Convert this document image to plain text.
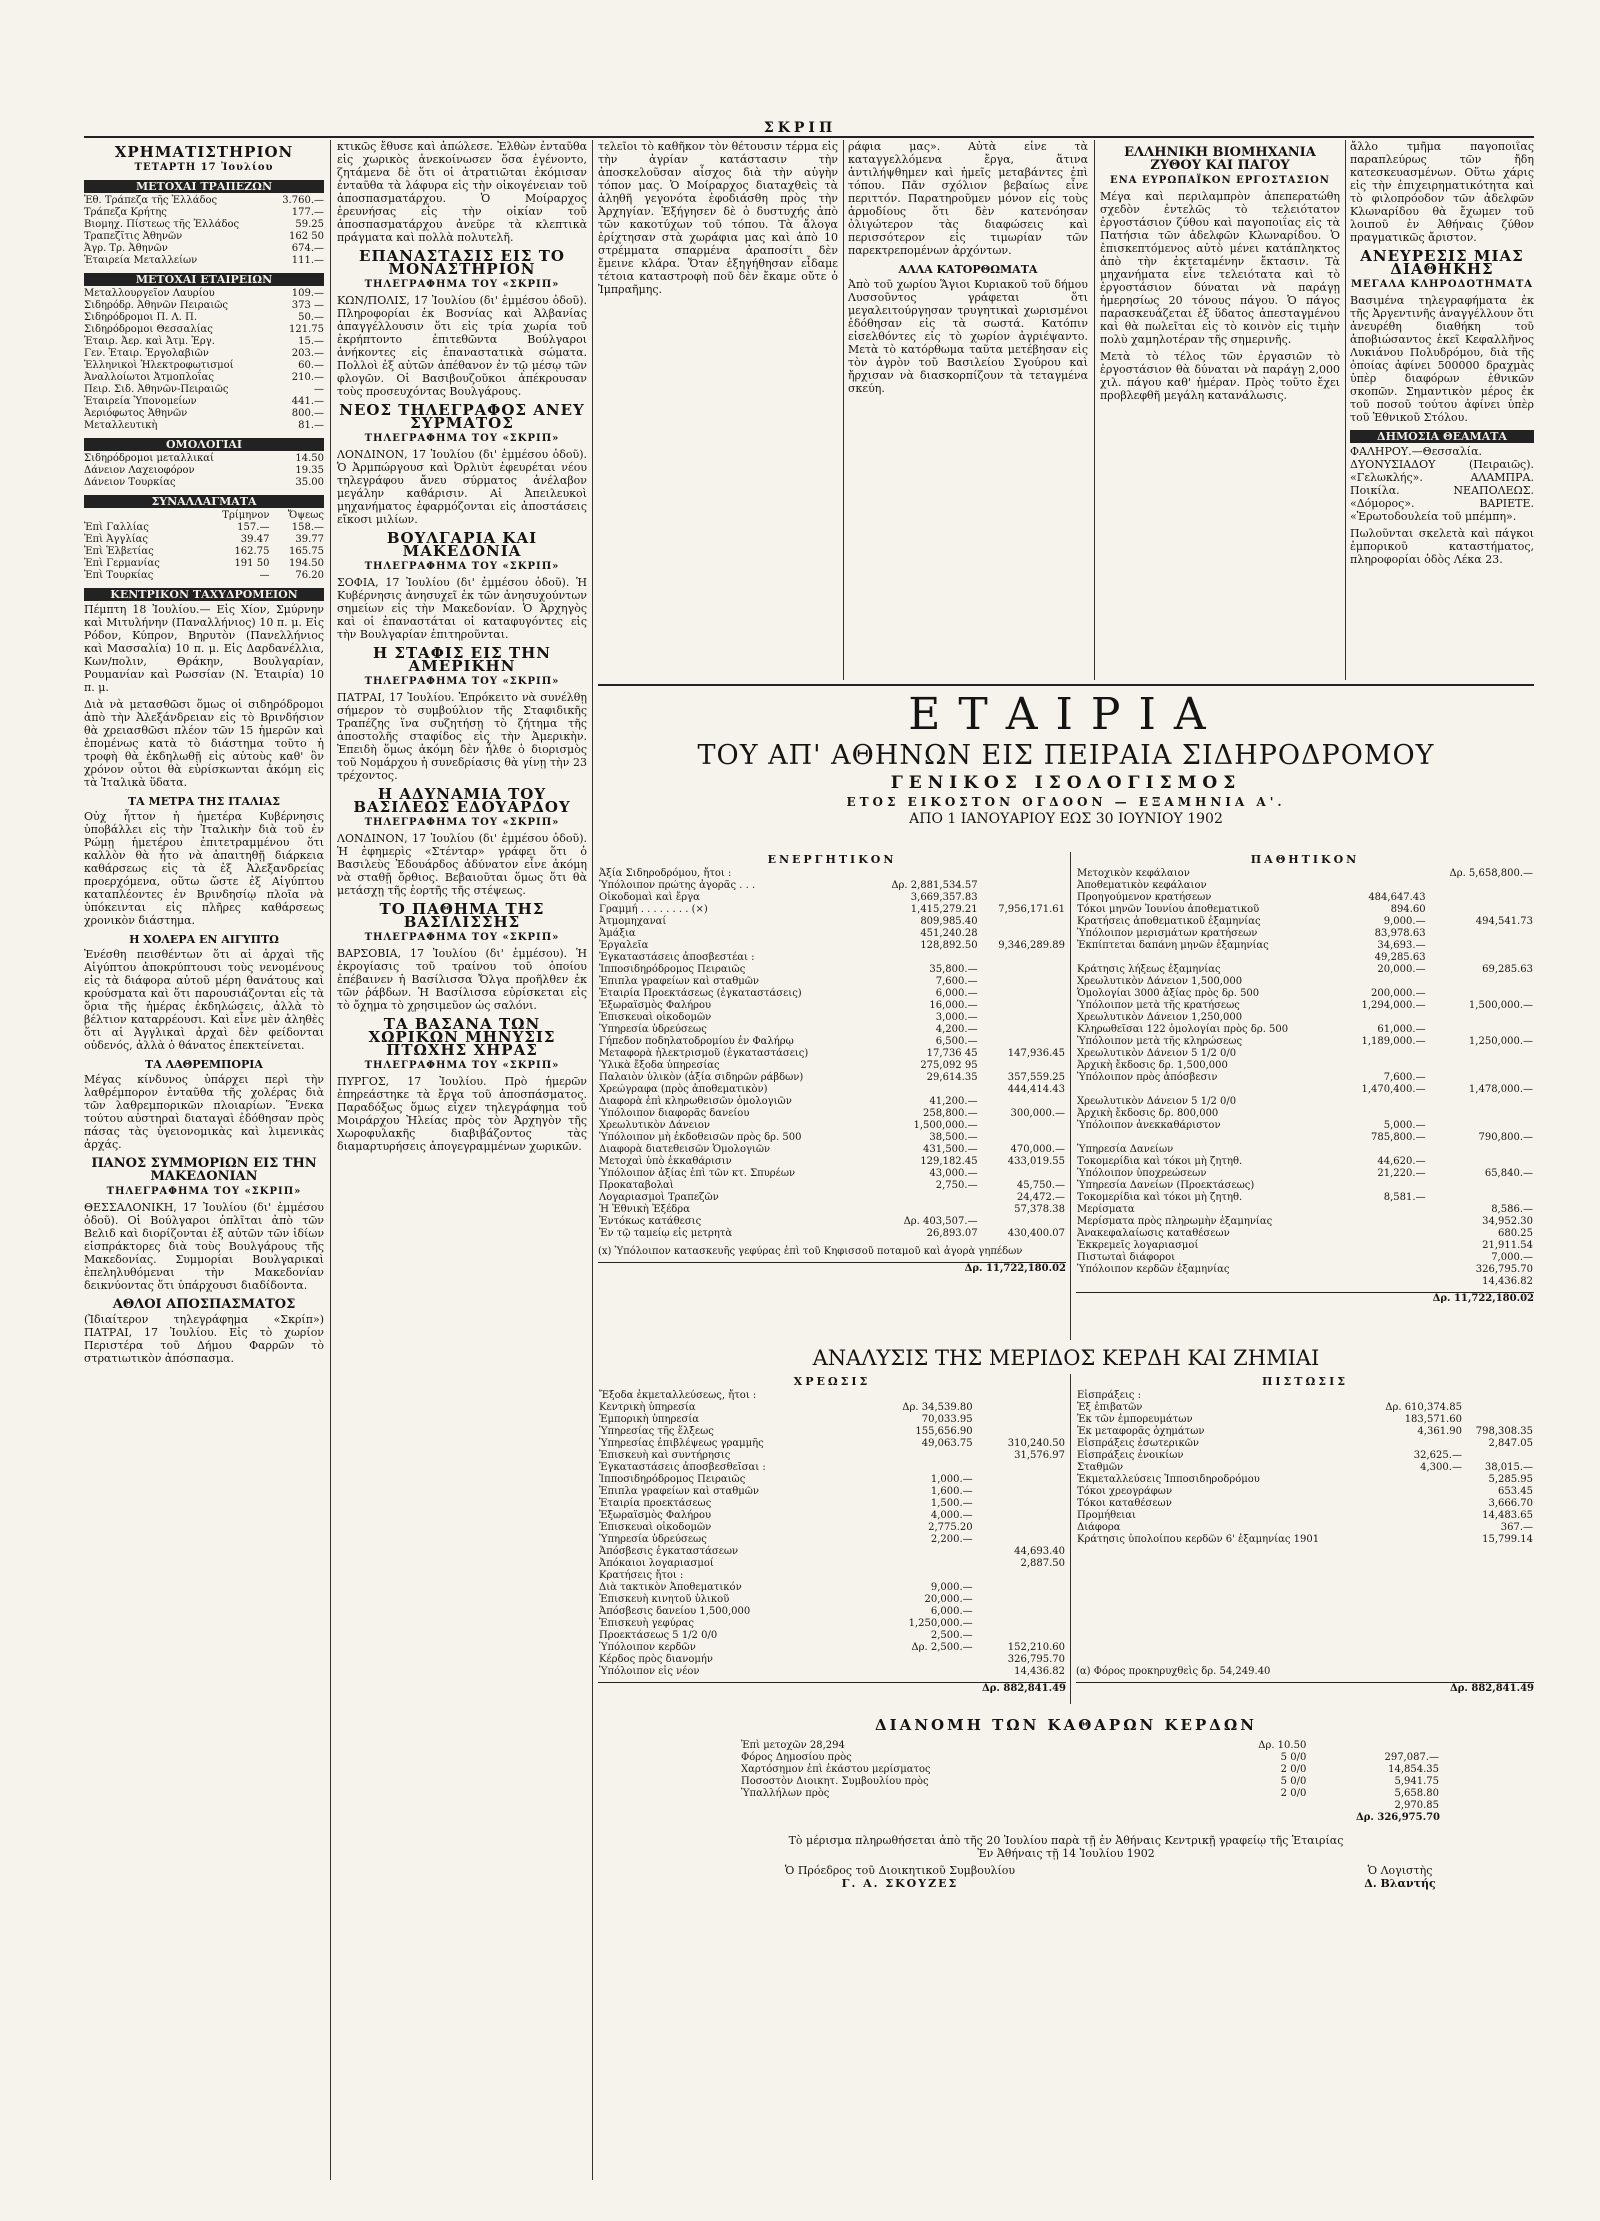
ΣΚΡΙΠ
ΧΡΗΜΑΤΙΣΤΗΡΙΟΝ
ΤΕΤΑΡΤΗ 17 Ἰουλίου
ΜΕΤΟΧΑΙ ΤΡΑΠΕΖΩΝ
Ἐθ. Τράπεζα τῆς Ἑλλάδος	3.760.—
Τράπεζα Κρήτης	177.—
Βιομηχ. Πίστεως τῆς Ἑλλάδος	59.25
Τραπεζῖτις Ἀθηνῶν	162 50
Ἀγρ. Τρ. Ἀθηνῶν	674.—
Ἑταιρεία Μεταλλείων	111.—
ΜΕΤΟΧΑΙ ΕΤΑΙΡΕΙΩΝ
Μεταλλουργεῖον Λαυρίου	109.—
Σιδηρόδρ. Ἀθηνῶν Πειραιῶς	373 —
Σιδηρόδρομοι Π. Λ. Π.	50.—
Σιδηρόδρομοι Θεσσαλίας	121.75
Ἐταιρ. Ἀερ. καὶ Ἀτμ. Ἐργ.	15.—
Γεν. Ἑταιρ. Ἐργολαβιῶν	203.—
Ἑλληνικοὶ Ἠλεκτροφωτισμοί	60.—
Ἀναλλοίωτοι Ἀτμοπλοΐας	210.—
Πειρ. Σιδ. Ἀθηνῶν-Πειραιῶς	—
Ἑταιρεία Ὑπονομείων	441.—
Ἀεριόφωτος Ἀθηνῶν	800.—
Μεταλλευτικὴ	81.—
ΟΜΟΛΟΓΙΑΙ
Σιδηρόδρομοι μεταλλικαί	14.50
Δάνειον Λαχειοφόρον	19.35
Δάνειον Τουρκίας	35.00
ΣΥΝΑΛΛΑΓΜΑΤΑ
	Τρίμηνον	Ὄψεως
Ἐπὶ Γαλλίας	157.—	158.—
Ἐπὶ Ἀγγλίας	39.47	39.77
Ἐπὶ Ἑλβετίας	162.75	165.75
Ἐπὶ Γερμανίας	191 50	194.50
Ἐπὶ Τουρκίας	—	76.20
ΚΕΝΤΡΙΚΟΝ ΤΑΧΥΔΡΟΜΕΙΟΝ

Πέμπτη 18 Ἰουλίου.— Εἰς Χίον, Σμύρνην καὶ Μιτυλήνην (Παναλλήνιος) 10 π. μ. Εἰς Ρόδον, Κύπρον, Βηρυτὸν (Πανελλήνιος καὶ Μασσαλία) 10 π. μ. Εἰς Δαρδανέλλια, Κων/πολιν, Θράκην, Βουλγαρίαν, Ρουμανίαν καὶ Ρωσσίαν (Ν. Ἑταιρία) 10 π. μ.

Διὰ νὰ μετασθῶσι ὅμως οἱ σιδηρόδρομοι ἀπὸ τὴν Ἀλεξάνδρειαν εἰς τὸ Βρινδήσιον θὰ χρειασθῶσι πλέον τῶν 15 ἡμερῶν καὶ ἐπομένως κατὰ τὸ διάστημα τοῦτο ἡ τροφὴ θὰ ἐκδηλωθῇ εἰς αὐτοὺς καθ' ὃν χρόνον οὗτοι θὰ εὑρίσκωνται ἀκόμη εἰς τὰ Ἰταλικὰ ὕδατα.

ΤΑ ΜΕΤΡΑ ΤΗΣ ΙΤΑΛΙΑΣ

Οὐχ ἧττον ἡ ἡμετέρα Κυβέρνησις ὑποβάλλει εἰς τὴν Ἰταλικὴν διὰ τοῦ ἐν Ρώμῃ ἡμετέρου ἐπιτετραμμένου ὅτι καλλὸν θὰ ἦτο νὰ ἀπαιτηθῇ διάρκεια καθάρσεως εἰς τὰ ἐξ Ἀλεξανδρείας προερχόμενα, οὕτω ὥστε ἐξ Αἰγύπτου καταπλέοντες ἐν Βρινδησίῳ πλοῖα νὰ ὑπόκεινται εἰς πλῆρες καθάρσεως χρονικὸν διάστημα.

Η ΧΟΛΕΡΑ ΕΝ ΑΙΓΥΠΤΩ

Ἐνέσθη πεισθέντων ὅτι αἱ ἀρχαὶ τῆς Αἰγύπτου ἀποκρύπτουσι τοὺς νενομένους εἰς τὰ διάφορα αὐτοῦ μέρη θανάτους καὶ κρούσματα καὶ ὅτι παρουσιάζονται εἰς τὰ ὅρια τῆς ἡμέρας ἐκδηλώσεις, ἀλλὰ τὸ βέλτιον καταρρέουσι. Καὶ εἶνε μὲν ἀληθὲς ὅτι αἱ Ἀγγλικαὶ ἀρχαὶ δὲν φείδονται οὐδενός, ἀλλὰ ὁ θάνατος ἐπεκτείνεται.

ΤΑ ΛΑΘΡΕΜΠΟΡΙΑ

Μέγας κίνδυνος ὑπάρχει περὶ τὴν λαθρέμπορον ἐνταῦθα τῆς χολέρας διὰ τῶν λαθρεμπορικῶν πλοιαρίων. Ἕνεκα τούτου αὐστηραὶ διαταγαὶ ἐδόθησαν πρὸς πάσας τὰς ὑγειονομικὰς καὶ λιμενικὰς ἀρχάς.

ΠΑΝΟΣ ΣΥΜΜΟΡΙΩΝ ΕΙΣ ΤΗΝ ΜΑΚΕΔΟΝΙΑΝ
ΤΗΛΕΓΡΑΦΗΜΑ ΤΟΥ «ΣΚΡΙΠ»

ΘΕΣΣΑΛΟΝΙΚΗ, 17 Ἰουλίου (δι' ἐμμέσου ὁδοῦ). Οἱ Βούλγαροι ὁπλῖται ἀπὸ τῶν Βελιδ καὶ διορίζονται ἐξ αὐτῶν τῶν ἰδίων εἰσπράκτορες διὰ τοὺς Βουλγάρους τῆς Μακεδονίας. Συμμορίαι Βουλγαρικαὶ ἐπεληλυθόμεναι τὴν Μακεδονίαν δεικνύοντας ὅτι ὑπάρχουσι διαδίδοντα.

ΑΘΛΟΙ ΑΠΟΣΠΑΣΜΑΤΟΣ

(Ἰδιαίτερον τηλεγράφημα «Σκρίπ») ΠΑΤΡΑΙ, 17 Ἰουλίου. Εἰς τὸ χωρίον Περιστέρα τοῦ Δήμου Φαρρῶν τὸ στρατιωτικὸν ἀπόσπασμα.

κτικῶς ἔθυσε καὶ ἀπώλεσε. Ἐλθὼν ἐνταῦθα εἰς χωρικὸς ἀνεκοίνωσεν ὅσα ἐγένοντο, ζητάμενα δὲ ὅτι οἱ ἀτρατιῶται ἐκόμισαν ἐνταῦθα τὰ λάφυρα εἰς τὴν οἰκογένειαν τοῦ ἀποσπασματάρχου. Ὁ Μοίραρχος ἐρευνήσας εἰς τὴν οἰκίαν τοῦ ἀποσπασματάρχου ἀνεῦρε τὰ κλεπτικὰ πράγματα καὶ πολλὰ πολυτελῆ.

ΕΠΑΝΑΣΤΑΣΙΣ ΕΙΣ ΤΟ ΜΟΝΑΣΤΗΡΙΟΝ
ΤΗΛΕΓΡΑΦΗΜΑ ΤΟΥ «ΣΚΡΙΠ»

ΚΩΝ/ΠΟΛΙΣ, 17 Ἰουλίου (δι' ἐμμέσου ὁδοῦ). Πληροφορίαι ἐκ Βοσνίας καὶ Ἀλβανίας ἀπαγγέλλουσιν ὅτι εἰς τρία χωρία τοῦ ἐκρήπτοντο ἐπιτεθῶντα Βούλγαροι ἀνήκοντες εἰς ἐπαναστατικὰ σώματα. Πολλοὶ ἐξ αὐτῶν ἀπέθανον ἐν τῷ μέσῳ τῶν φλογῶν. Οἱ Βασιβουζοῦκοι ἀπέκρουσαν τοὺς προσευχόντας Βουλγάρους.

ΝΕΟΣ ΤΗΛΕΓΡΑΦΟΣ ΑΝΕΥ ΣΥΡΜΑΤΟΣ
ΤΗΛΕΓΡΑΦΗΜΑ ΤΟΥ «ΣΚΡΙΠ»

ΛΟΝΔΙΝΟΝ, 17 Ἰουλίου (δι' ἐμμέσου ὁδοῦ). Ὁ Ἀρμπώργουσ καὶ Ὀρλιὺτ ἐφευρέται νέου τηλεγράφου ἄνευ σύρματος ἀνέλαβον μεγάλην καθάρισιν. Αἱ Ἀπειλευκοὶ μηχανήματος ἐφαρμόζονται εἰς ἀποστάσεις εἴκοσι μιλίων.

ΒΟΥΛΓΑΡΙΑ ΚΑΙ ΜΑΚΕΔΟΝΙΑ
ΤΗΛΕΓΡΑΦΗΜΑ ΤΟΥ «ΣΚΡΙΠ»

ΣΟΦΙΑ, 17 Ἰουλίου (δι' ἐμμέσου ὁδοῦ). Ἡ Κυβέρνησις ἀνησυχεῖ ἐκ τῶν ἀνησυχούντων σημείων εἰς τὴν Μακεδονίαν. Ὁ Ἀρχηγὸς καὶ οἱ ἐπαναστάται οἱ καταφυγόντες εἰς τὴν Βουλγαρίαν ἐπιτηροῦνται.

Η ΣΤΑΦΙΣ ΕΙΣ ΤΗΝ ΑΜΕΡΙΚΗΝ
ΤΗΛΕΓΡΑΦΗΜΑ ΤΟΥ «ΣΚΡΙΠ»

ΠΑΤΡΑΙ, 17 Ἰουλίου. Ἐπρόκειτο νὰ συνέλθῃ σήμερον τὸ συμβούλιον τῆς Σταφιδικῆς Τραπέζης ἵνα συζητήσῃ τὸ ζήτημα τῆς ἀποστολῆς σταφίδος εἰς τὴν Ἀμερικὴν. Ἐπειδὴ ὅμως ἀκόμη δὲν ἦλθε ὁ διορισμὸς τοῦ Νομάρχου ἡ συνεδρίασις θὰ γίνῃ τὴν 23 τρέχοντος.

Η ΑΔΥΝΑΜΙΑ ΤΟΥ ΒΑΣΙΛΕΩΣ ΕΔΟΥΑΡΔΟΥ
ΤΗΛΕΓΡΑΦΗΜΑ ΤΟΥ «ΣΚΡΙΠ»

ΛΟΝΔΙΝΟΝ, 17 Ἰουλίου (δι' ἐμμέσου ὁδοῦ). Ἡ ἐφημερὶς «Στένταρ» γράφει ὅτι ὁ Βασιλεὺς Ἐδουάρδος ἀδύνατον εἶνε ἀκόμη νὰ σταθῇ ὄρθιος. Βεβαιοῦται ὅμως ὅτι θὰ μετάσχῃ τῆς ἑορτῆς τῆς στέψεως.

ΤΟ ΠΑΘΗΜΑ ΤΗΣ ΒΑΣΙΛΙΣΣΗΣ
ΤΗΛΕΓΡΑΦΗΜΑ ΤΟΥ «ΣΚΡΙΠ»

ΒΑΡΣΟΒΙΑ, 17 Ἰουλίου (δι' ἐμμέσου). Ἡ ἐκρογίασις τοῦ τραίνου τοῦ ὁποίου ἐπέβαινεν ἡ Βασίλισσα Ὄλγα προῆλθεν ἐκ τῶν ῥάβδων. Ἡ Βασίλισσα εὑρίσκεται εἰς τὸ ὄχημα τὸ χρησιμεῦον ὡς σαλόνι.

ΤΑ ΒΑΣΑΝΑ ΤΩΝ ΧΩΡΙΚΩΝ ΜΗΝΥΣΙΣ ΠΤΩΧΗΣ ΧΗΡΑΣ
ΤΗΛΕΓΡΑΦΗΜΑ ΤΟΥ «ΣΚΡΙΠ»

ΠΥΡΓΟΣ, 17 Ἰουλίου. Πρὸ ἡμερῶν ἐπηρεάστηκε τὰ ἔργα τοῦ ἀποσπάσματος. Παραδόξως ὅμως εἶχεν τηλεγράφημα τοῦ Μοιράρχου Ἠλείας πρὸς τὸν Ἀρχηγὸν τῆς Χωροφυλακῆς διαβιβάζοντος τὰς διαμαρτυρήσεις ἀπογεγραμμένων χωρικῶν.

τελεῖοι τὸ καθῆκον τὸν θέτουσιν τέρμα εἰς τὴν ἀγρίαν κατάστασιν τὴν ἀποσκελοῦσαν αἶσχος διὰ τὴν αὐγὴν τόπον μας. Ὁ Μοίραρχος διαταχθεὶς τὰ ἀληθῆ γεγονότα ἐφοδιάσθη πρὸς τὴν Ἀρχηγίαν. Ἐξήγησεν δὲ ὁ δυστυχής ἀπὸ τῶν κακοτύχων τοῦ τόπου. Τὰ ἄλογα ἐρίχτησαν στὰ χωράφια μας καὶ ἀπὸ 10 στρέμματα σπαρμένα ἀραποσίτι δὲν ἔμεινε κλάρα. Ὅταν ἐξηγήθησαν εἶδαμε τέτοια καταστροφὴ ποῦ δὲν ἔκαμε οὔτε ὁ Ἰμπραῆμης.

ράφια μας». Αὐτὰ εἶνε τὰ καταγγελλόμενα ἔργα, ἅτινα ἀντιλήψθημεν καὶ ἡμεῖς μεταβάντες ἐπὶ τόπου. Πᾶν σχόλιον βεβαίως εἶνε περιττόν. Παρατηροῦμεν μόνον εἰς τοὺς ἁρμοδίους ὅτι δὲν κατενόησαν ὀλιγώτερον τὰς διαφώσεις καὶ περισσότερον εἰς τιμωρίαν τῶν παρεκτρεπομένων ἀρχόντων.

ΑΛΛΑ ΚΑΤΟΡΘΩΜΑΤΑ

Ἀπὸ τοῦ χωρίου Ἅγιοι Κυριακοῦ τοῦ δήμου Λυσσοῦντος γράφεται ὅτι μεγαλειτούργησαν τρυγητικαὶ χωρισμένοι ἐδόθησαν εἰς τὰ σωστά. Κατόπιν εἰσελθόντες εἰς τὸ χωρίον ἀγριέψαντο. Μετὰ τὸ κατόρθωμα ταῦτα μετέβησαν εἰς τὸν ἀγρὸν τοῦ Βασιλείου Σγούρου καὶ ἤρχισαν νὰ διασκορπίζουν τὰ τεταγμένα σκεύη.

ΕΛΛΗΝΙΚΗ ΒΙΟΜΗΧΑΝΙΑ ΖΥΘΟΥ ΚΑΙ ΠΑΓΟΥ
ΕΝΑ ΕΥΡΩΠΑΪΚΟΝ ΕΡΓΟΣΤΑΣΙΟΝ

Μέγα καὶ περιλαμπρὸν ἀπεπερατώθη σχεδὸν ἐντελῶς τὸ τελειότατον ἐργοστάσιον ζύθου καὶ παγοποιΐας εἰς τὰ Πατήσια τῶν ἀδελφῶν Κλωναρίδου. Ὁ ἐπισκεπτόμενος αὐτὸ μένει κατάπληκτος ἀπὸ τὴν ἐκτεταμένην ἔκτασιν. Τὰ μηχανήματα εἶνε τελειότατα καὶ τὸ ἐργοστάσιον δύναται νὰ παράγῃ ἡμερησίως 20 τόνους πάγου. Ὁ πάγος παρασκευάζεται ἐξ ὕδατος ἀπεσταγμένου καὶ θὰ πωλεῖται εἰς τὸ κοινὸν εἰς τιμὴν πολὺ χαμηλοτέραν τῆς σημερινῆς.

Μετὰ τὸ τέλος τῶν ἐργασιῶν τὸ ἐργοστάσιον θὰ δύναται νὰ παράγῃ 2,000 χιλ. πάγου καθ' ἡμέραν. Πρὸς τοῦτο ἔχει προβλεφθῆ μεγάλη κατανάλωσις.

ἄλλο τμῆμα παγοποιΐας παραπλεύρως τῶν ἤδη κατεσκευασμένων. Οὕτω χάρις εἰς τὴν ἐπιχειρηματικότητα καὶ τὸ φιλοπρόοδον τῶν ἀδελφῶν Κλωναρίδου θὰ ἔχωμεν τοῦ λοιποῦ ἐν Ἀθήναις ζύθον πραγματικῶς ἄριστον.

ΑΝΕΥΡΕΣΙΣ ΜΙΑΣ ΔΙΑΘΗΚΗΣ
ΜΕΓΑΛΑ ΚΛΗΡΟΔΟΤΗΜΑΤΑ

Βασιμένα τηλεγραφήματα ἐκ τῆς Ἀργεντινῆς ἀναγγέλλουν ὅτι ἀνευρέθη διαθήκη τοῦ ἀποβιώσαντος ἐκεῖ Κεφαλλῆνος Λυκιάνου Πολυδρόμου, διὰ τῆς ὁποίας ἀφίνει 500000 δραχμὰς ὑπὲρ διαφόρων ἐθνικῶν σκοπῶν. Σημαντικὸν μέρος ἐκ τοῦ ποσοῦ τούτου ἀφίνει ὑπὲρ τοῦ Ἐθνικοῦ Στόλου.

ΔΗΜΟΣΙΑ ΘΕΑΜΑΤΑ

ΦΑΛΗΡΟΥ.—Θεσσαλία. ΔΥΟΝΥΣΙΑΔΟΥ (Πειραιῶς). «Γελωκλής». ΑΛΑΜΠΡΑ. Ποικίλα. ΝΕΑΠΟΛΕΩΣ. «Δόμορος». ΒΑΡΙΕΤΕ. «Ἐρωτοδουλεία τοῦ μπέμπη».

Πωλοῦνται σκελετὰ καὶ πάγκοι ἐμπορικοῦ καταστήματος, πληροφορίαι ὁδὸς Λέκα 23.

ΕΤΑΙΡΙΑ
ΤΟΥ ΑΠ' ΑΘΗΝΩΝ ΕΙΣ ΠΕΙΡΑΙΑ ΣΙΔΗΡΟΔΡΟΜΟΥ
ΓΕΝΙΚΟΣ ΙΣΟΛΟΓΙΣΜΟΣ
ΕΤΟΣ ΕΙΚΟΣΤΟΝ ΟΓΔΟΟΝ — ΕΞΑΜΗΝΙΑ Α'.
ΑΠΟ 1 ΙΑΝΟΥΑΡΙΟΥ ΕΩΣ 30 ΙΟΥΝΙΟΥ 1902
ΕΝΕΡΓΗΤΙΚΟΝ
Ἀξία Σιδηροδρόμου, ἤτοι :		
Ὑπόλοιπον πρώτης ἀγορᾶς . . .	Δρ. 2,881,534.57	
Οἰκοδομαὶ καὶ ἔργα	3,669,357.83	
Γραμμή . . . . . . . . (×)	1,415,279.21	7,956,171.61
Ἀτμομηχαναί	809,985.40	
Ἁμάξια	451,240.28	
Ἐργαλεῖα	128,892.50	9,346,289.89
Ἐγκαταστάσεις ἀποσβεστέαι :		
Ἱπποσιδηρόδρομος Πειραιῶς	35,800.—	
Ἐπιπλα γραφείων καὶ σταθμῶν	7,600.—	
Ἑταιρία Προεκτάσεως (ἐγκαταστάσεις)	6,000.—	
Ἐξωραϊσμὸς Φαλήρου	16,000.—	
Ἐπισκευαὶ οἰκοδομῶν	3,000.—	
Ὑπηρεσία ὑδρεύσεως	4,200.—	
Γήπεδον ποδηλατοδρομίου ἐν Φαλήρῳ	6,500.—	
Μεταφορὰ ἠλεκτρισμοῦ (ἐγκαταστάσεις)	17,736 45	147,936.45
Ὑλικὰ ἔξοδα ὑπηρεσίας	275,092 95	
Παλαιὸν ὑλικὸν (ἀξία σιδηρῶν ράβδων)	29,614.35	357,559.25
Χρεώγραφα (πρὸς ἀποθεματικὸν)		444,414.43
Διαφορὰ ἐπὶ κληρωθεισῶν ὁμολογιῶν	41,200.—	
Ὑπόλοιπον διαφορᾶς δανείου	258,800.—	300,000.—
Χρεωλυτικὸν Δάνειον	1,500,000.—	
Ὑπόλοιπον μὴ ἐκδοθεισῶν πρὸς δρ. 500	38,500.—	
Διαφορὰ διατεθεισῶν Ὁμολογιῶν	431,500.—	470,000.—
Μετοχαὶ ὑπὸ ἐκκαθάρισιν	129,182.45	433,019.55
Ὑπόλοιπον ἀξίας ἐπὶ τῶν κτ. Σπυρέων	43,000.—	
Προκαταβολαὶ	2,750.—	45,750.—
Λογαριασμοὶ Τραπεζῶν		24,472.—
Ἡ Ἐθνικὴ Ἐξέδρα		57,378.38
Ἐντόκως κατάθεσις	Δρ. 403,507.—	
Ἐν τῷ ταμείῳ εἰς μετρητὰ	26,893.07	430,400.07
(x) Ὑπόλοιπον κατασκευῆς γεφύρας ἐπὶ τοῦ Κηφισσοῦ ποταμοῦ καὶ ἀγορὰ γηπέδων
Δρ. 11,722,180.02
ΠΑΘΗΤΙΚΟΝ
Μετοχικὸν κεφάλαιον		Δρ. 5,658,800.—
Ἀποθεματικὸν κεφάλαιον		
Προηγούμενον κρατήσεων	484,647.43	
Τόκοι μηνῶν Ἰουνίου ἀποθεματικοῦ	894.60	
Κρατήσεις ἀποθεματικοῦ ἐξαμηνίας	9,000.—	494,541.73
Ὑπόλοιπον μερισμάτων κρατήσεων	83,978.63	
Ἐκπίπτεται δαπάνη μηνῶν ἐξαμηνίας	34,693.—	
	49,285.63	
Κράτησις λήξεως ἐξαμηνίας	20,000.—	69,285.63
Χρεωλυτικὸν Δάνειον 1,500,000		
Ὁμολογίαι 3000 ἀξίας πρὸς δρ. 500	200,000.—	
Ὑπόλοιπον μετὰ τῆς κρατήσεως	1,294,000.—	1,500,000.—
Χρεωλυτικὸν Δάνειον 1,250,000		
Κληρωθεῖσαι 122 ὁμολογίαι πρὸς δρ. 500	61,000.—	
Ὑπόλοιπον μετὰ τῆς κληρώσεως	1,189,000.—	1,250,000.—
Χρεωλυτικὸν Δάνειον 5 1/2 0/0		
Ἀρχικὴ ἔκδοσις δρ. 1,500,000		
Ὑπόλοιπον πρὸς ἀπόσβεσιν	7,600.—	
	1,470,400.—	1,478,000.—
Χρεωλυτικὸν Δάνειον 5 1/2 0/0		
Ἀρχικὴ ἔκδοσις δρ. 800,000		
Ὑπόλοιπον ἀνεκκαθάριστον	5,000.—	
	785,800.—	790,800.—
Ὑπηρεσία Δανείων		
Τοκομερίδια καὶ τόκοι μὴ ζητηθ.	44,620.—	
Ὑπόλοιπον ὑποχρεώσεων	21,220.—	65,840.—
Ὑπηρεσία Δανείων (Προεκτάσεως)		
Τοκομερίδια καὶ τόκοι μὴ ζητηθ.	8,581.—	
Μερίσματα		8,586.—
Μερίσματα πρὸς πληρωμὴν ἐξαμηνίας		34,952.30
Ἀνακεφαλαίωσις καταθέσεων		680.25
Ἐκκρεμεῖς λογαριασμοί		21,911.54
Πιστωταὶ διάφοροι		7,000.—
Ὑπόλοιπον κερδῶν ἐξαμηνίας		326,795.70
		14,436.82
Δρ. 11,722,180.02
ΑΝΑΛΥΣΙΣ ΤΗΣ ΜΕΡΙΔΟΣ ΚΕΡΔΗ ΚΑΙ ΖΗΜΙΑΙ
ΧΡΕΩΣΙΣ
Ἔξοδα ἐκμεταλλεύσεως, ἤτοι :		
Κεντρικὴ ὑπηρεσία	Δρ. 34,539.80	
Ἐμπορικὴ ὑπηρεσία	70,033.95	
Ὑπηρεσίας τῆς ἕλξεως	155,656.90	
Ὑπηρεσίας ἐπιβλέψεως γραμμῆς	49,063.75	310,240.50
Ἐπισκευὴ καὶ συντήρησις		31,576.97
Ἐγκαταστάσεις ἀποσβεσθεῖσαι :		
Ἱπποσιδηρόδρομος Πειραιῶς	1,000.—	
Ἐπιπλα γραφείων καὶ σταθμῶν	1,600.—	
Ἑταιρία προεκτάσεως	1,500.—	
Ἐξωραϊσμὸς Φαλήρου	4,000.—	
Ἐπισκευαὶ οἰκοδομῶν	2,775.20	
Ὑπηρεσία ὑδρεύσεως	2,200.—	
Ἀπόσβεσις ἐγκαταστάσεων		44,693.40
Ἀπόκαιοι λογαριασμοί		2,887.50
Κρατήσεις ἤτοι :		
Διὰ τακτικὸν Ἀποθεματικόν	9,000.—	
Ἐπισκευὴ κινητοῦ ὑλικοῦ	20,000.—	
Ἀπόσβεσις δανείου 1,500,000	6,000.—	
Ἐπισκευὴ γεφύρας	1,250,000.—	
Προεκτάσεως 5 1/2 0/0	2,500.—	
Ὑπόλοιπον κερδῶν	Δρ. 2,500.—	152,210.60
Κέρδος πρὸς διανομήν		326,795.70
Ὑπόλοιπον εἰς νέον		14,436.82
Δρ. 882,841.49
ΠΙΣΤΩΣΙΣ
Εἰσπράξεις :		
Ἐξ ἐπιβατῶν	Δρ. 610,374.85	
Ἐκ τῶν ἐμπορευμάτων	183,571.60	
Ἐκ μεταφορᾶς ὀχημάτων	4,361.90	798,308.35
Εἰσπράξεις ἐσωτερικῶν		2,847.05
Εἰσπράξεις ἐνοικίων	32,625.—	
Σταθμῶν	4,300.—	38,015.—
Ἐκμεταλλεύσεις Ἱπποσιδηροδρόμου		5,285.95
Τόκοι χρεογράφων		653.45
Τόκοι καταθέσεων		3,666.70
Προμήθειαι		14,483.65
Διάφορα		367.—
Κράτησις ὑπολοίπου κερδῶν 6' ἐξαμηνίας 1901		15,799.14
(α) Φόρος προκηρυχθεὶς δρ. 54,249.40
Δρ. 882,841.49
ΔΙΑΝΟΜΗ ΤΩΝ ΚΑΘΑΡΩΝ ΚΕΡΔΩΝ
Ἐπὶ μετοχῶν 28,294	Δρ. 10.50	
Φόρος Δημοσίου πρὸς	5 0/0	297,087.—
Χαρτόσημον ἐπὶ ἑκάστου μερίσματος	2 0/0	14,854.35
Ποσοστὸν Διοικητ. Συμβουλίου πρὸς	5 0/0	5,941.75
Ὑπαλλήλων πρὸς	2 0/0	5,658.80
		2,970.85
Δρ. 326,975.70
Τὸ μέρισμα πληρωθήσεται ἀπὸ τῆς 20 Ἰουλίου παρὰ τῇ ἐν Ἀθήναις Κεντρικῇ γραφείῳ τῆς Ἑταιρίας
Ἐν Ἀθήναις τῇ 14 Ἰουλίου 1902
Ὁ Πρόεδρος τοῦ Διοικητικοῦ Συμβουλίου
Γ. Α. ΣΚΟΥΖΕΣ
Ὁ Λογιστὴς
Δ. Βλαντής
